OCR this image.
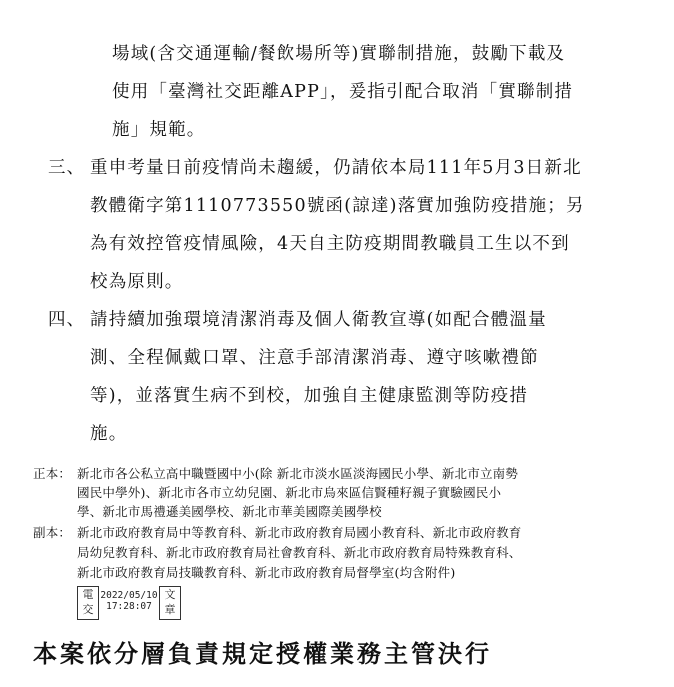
場域(含交通運輸/餐飲場所等)實聯制措施，鼓勵下載及
使用「臺灣社交距離APP」，爰指引配合取消「實聯制措
施」規範。
三、 重申考量日前疫情尚未趨緩，仍請依本局111年5月3日新北
教體衛字第1110773550號函(諒達)落實加強防疫措施；另
為有效控管疫情風險，4天自主防疫期間教職員工生以不到
校為原則。
四、 請持續加強環境清潔消毒及個人衛教宣導(如配合體溫量
測、全程佩戴口罩、注意手部清潔消毒、遵守咳嗽禮節
等)，並落實生病不到校，加強自主健康監測等防疫措
施。
正本： 新北市各公私立高中職暨國中小(除 新北市淡水區淡海國民小學、新北市立南勢
國民中學外)、新北市各市立幼兒園、新北市烏來區信賢種籽親子實驗國民小
學、新北市馬禮遜美國學校、新北市華美國際美國學校
副本： 新北市政府教育局中等教育科、新北市政府教育局國小教育科、新北市政府教育
局幼兒教育科、新北市政府教育局社會教育科、新北市政府教育局特殊教育科、
新北市政府教育局技職教育科、新北市政府教育局督學室(均含附件)
電
交
2022/05/10
17:28:07
文
章
本案依分層負責規定授權業務主管決行
